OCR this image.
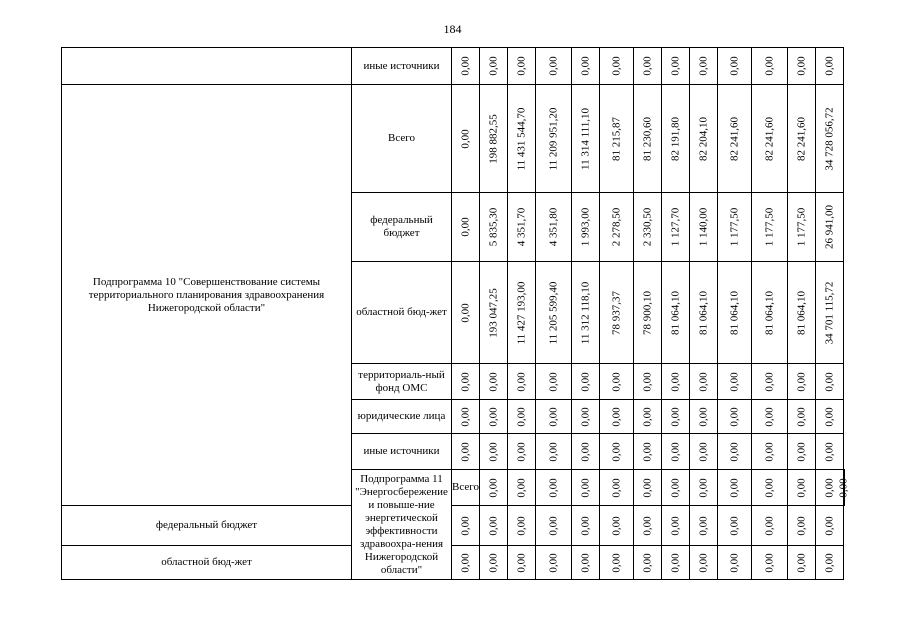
184
	иные источники	0,00	0,00	0,00	0,00	0,00	0,00	0,00	0,00	0,00	0,00	0,00	0,00	0,00	

Подпрограмма 10 "Совершенствование системы территориального планирования здравоохранения Нижегородской области"	Всего	0,00	198 882,55	11 431 544,70	11 209 951,20	11 314 111,10	81 215,87	81 230,60	82 191,80	82 204,10	82 241,60	82 241,60	82 241,60	34 728 056,72	

	федеральный бюджет	0,00	5 835,30	4 351,70	4 351,80	1 993,00	2 278,50	2 330,50	1 127,70	1 140,00	1 177,50	1 177,50	1 177,50	26 941,00	

	областной бюд-жет	0,00	193 047,25	11 427 193,00	11 205 599,40	11 312 118,10	78 937,37	78 900,10	81 064,10	81 064,10	81 064,10	81 064,10	81 064,10	34 701 115,72	

	территориаль-ный фонд ОМС	0,00	0,00	0,00	0,00	0,00	0,00	0,00	0,00	0,00	0,00	0,00	0,00	0,00	

	юридические лица	0,00	0,00	0,00	0,00	0,00	0,00	0,00	0,00	0,00	0,00	0,00	0,00	0,00	

	иные источники	0,00	0,00	0,00	0,00	0,00	0,00	0,00	0,00	0,00	0,00	0,00	0,00	0,00	

	Подпрограмма 11 "Энергосбережение и повыше-ние энергетической эффективности здравоохра-нения Нижегородской области"	Всего	0,00	0,00	0,00	0,00	0,00	0,00	0,00	0,00	0,00	0,00	0,00	0,00	0,00

федеральный бюджет		0,00	0,00	0,00	0,00	0,00	0,00	0,00	0,00	0,00	0,00	0,00	0,00	0,00	

областной бюд-жет		0,00	0,00	0,00	0,00	0,00	0,00	0,00	0,00	0,00	0,00	0,00	0,00	0,00	
